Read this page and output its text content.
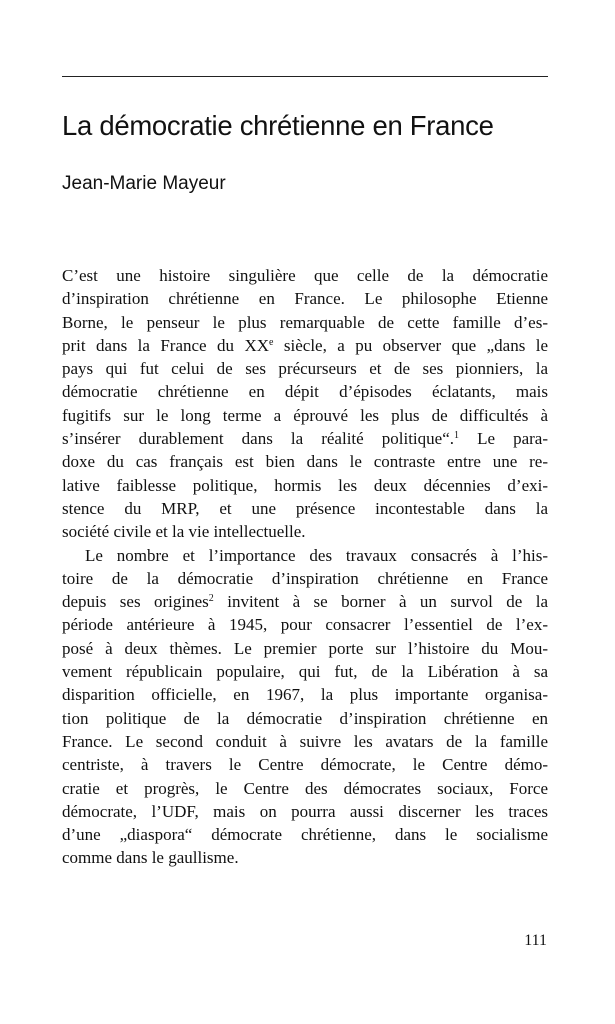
La démocratie chrétienne en France
Jean-Marie Mayeur
C’est une histoire singulière que celle de la démocratie
d’inspiration chrétienne en France. Le philosophe Etienne
Borne, le penseur le plus remarquable de cette famille d’es-
prit dans la France du XXe siècle, a pu observer que „dans le
pays qui fut celui de ses précurseurs et de ses pionniers, la
démocratie chrétienne en dépit d’épisodes éclatants, mais
fugitifs sur le long terme a éprouvé les plus de difficultés à
s’insérer durablement dans la réalité politique“.$^1$ Le para-
doxe du cas français est bien dans le contraste entre une re-
lative faiblesse politique, hormis les deux décennies d’exi-
stence du MRP, et une présence incontestable dans la
société civile et la vie intellectuelle.
Le nombre et l’importance des travaux consacrés à l’his-
toire de la démocratie d’inspiration chrétienne en France
depuis ses origines$^2$ invitent à se borner à un survol de la
période antérieure à 1945, pour consacrer l’essentiel de l’ex-
posé à deux thèmes. Le premier porte sur l’histoire du Mou-
vement républicain populaire, qui fut, de la Libération à sa
disparition officielle, en 1967, la plus importante organisa-
tion politique de la démocratie d’inspiration chrétienne en
France. Le second conduit à suivre les avatars de la famille
centriste, à travers le Centre démocrate, le Centre démo-
cratie et progrès, le Centre des démocrates sociaux, Force
démocrate, l’UDF, mais on pourra aussi discerner les traces
d’une „diaspora“ démocrate chrétienne, dans le socialisme
comme dans le gaullisme.
111
